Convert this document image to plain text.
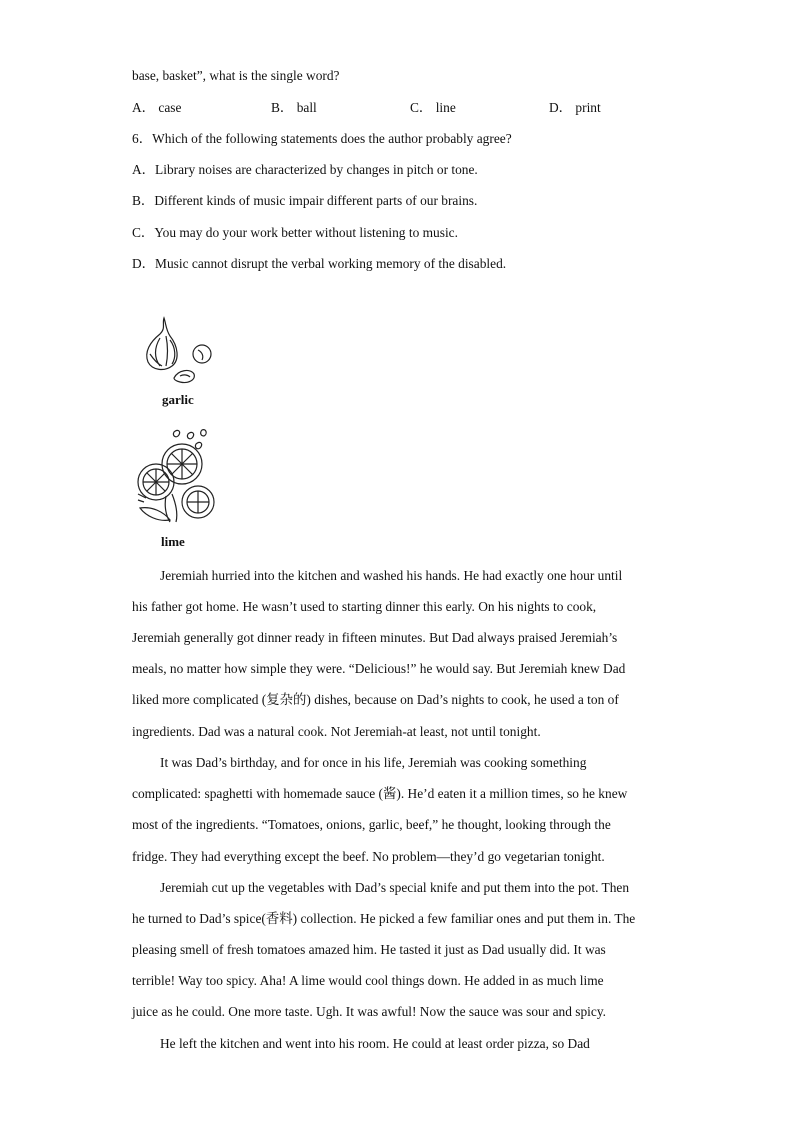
base, basket”, what is the single word?
A． case	B． ball	C． line	D． print
6．Which of the following statements does the author probably agree?
A．Library noises are characterized by changes in pitch or tone.
B．Different kinds of music impair different parts of our brains.
C．You may do your work better without listening to music.
D．Music cannot disrupt the verbal working memory of the disabled.
garlic
lime
Jeremiah hurried into the kitchen and washed his hands. He had exactly one hour until
his father got home. He wasn’t used to starting dinner this early. On his nights to cook,
Jeremiah generally got dinner ready in fifteen minutes. But Dad always praised Jeremiah’s
meals, no matter how simple they were. “Delicious!” he would say. But Jeremiah knew Dad
liked more complicated (复杂的) dishes, because on Dad’s nights to cook, he used a ton of
ingredients. Dad was a natural cook. Not Jeremiah-at least, not until tonight.
It was Dad’s birthday, and for once in his life, Jeremiah was cooking something
complicated: spaghetti with homemade sauce (酱). He’d eaten it a million times, so he knew
most of the ingredients. “Tomatoes, onions, garlic, beef,” he thought, looking through the
fridge. They had everything except the beef. No problem—they’d go vegetarian tonight.
Jeremiah cut up the vegetables with Dad’s special knife and put them into the pot. Then
he turned to Dad’s spice(香料) collection. He picked a few familiar ones and put them in. The
pleasing smell of fresh tomatoes amazed him. He tasted it just as Dad usually did. It was
terrible! Way too spicy. Aha! A lime would cool things down. He added in as much lime
juice as he could. One more taste. Ugh. It was awful! Now the sauce was sour and spicy.
He left the kitchen and went into his room. He could at least order pizza, so Dad
